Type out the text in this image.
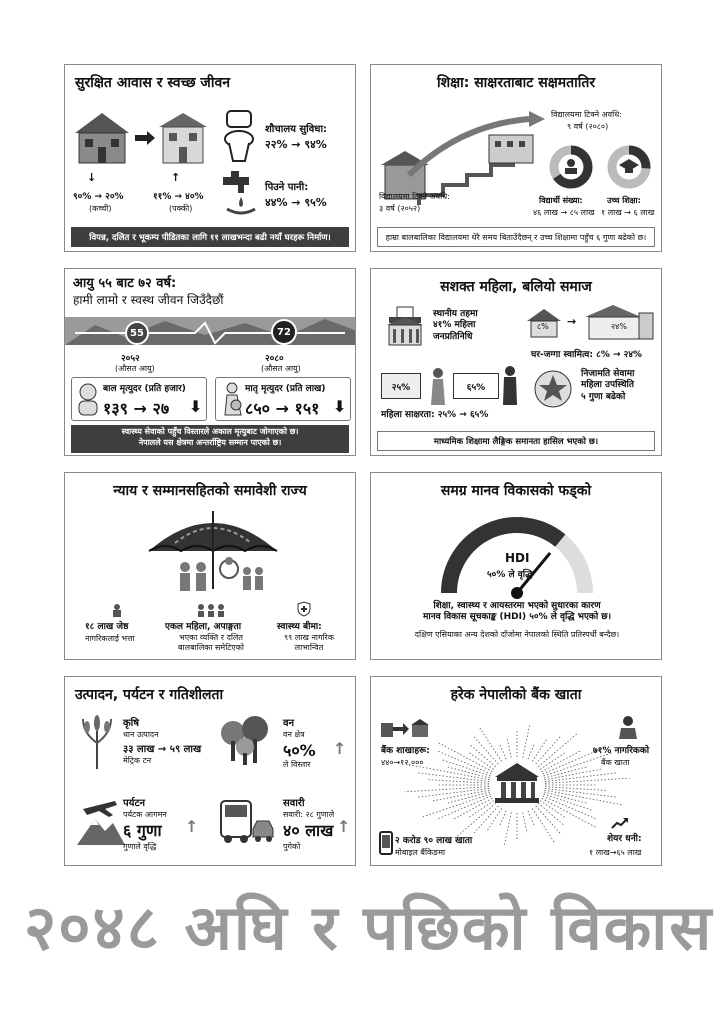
सुरक्षित आवास र स्वच्छ जीवन
↓
९०% → २०%
(कच्ची)
↑
११% → ४०%
(पक्की)
शौचालय सुविधा:
२२% → ९४%
पिउने पानी:
४४% → ९५%
विपन्न, दलित र भूकम्प पीडितका लागि ११ लाखभन्दा बढी नयाँ घरहरू निर्माण।
शिक्षा: साक्षरताबाट सक्षमतातिर
विद्यालयमा टिक्ने अवधि:
३ वर्ष (२०५२)
विद्यालयमा टिक्ने अवधि:
९ वर्ष (२०८०)
विद्यार्थी संख्या:
४६ लाख → ८५ लाख
उच्च शिक्षा:
१ लाख → ६ लाख
हाम्रा बालबालिका विद्यालयमा धेरै समय बिताउँदैछन् र उच्च शिक्षामा पहुँच ६ गुणा बढेको छ।
आयु ५५ बाट ७२ वर्ष:
हामी लामो र स्वस्थ जीवन जिउँदैछौं
55	72
२०५२
(औसत आयु)
२०८०
(औसत आयु)
बाल मृत्युदर (प्रति हजार)
१३९ → २७ ⬇
मातृ मृत्युदर (प्रति लाख)
८५० → १५१ ⬇
स्वास्थ्य सेवाको पहुँच विस्तारले अकाल मृत्युबाट जोगाएको छ।
नेपालले यस क्षेत्रमा अन्तर्राष्ट्रिय सम्मान पाएको छ।
सशक्त महिला, बलियो समाज
स्थानीय तहमा
४१% महिला
जनप्रतिनिधि
८% →	२४%
घर-जग्गा स्वामित्व: ८% → २४%
२५%	६५%
महिला साक्षरता: २५% → ६५%
निजामति सेवामा
महिला उपस्थिति
५ गुणा बढेको
माध्यमिक शिक्षामा लैङ्गिक समानता हासिल भएको छ।
न्याय र सम्मानसहितको समावेशी राज्य
१८ लाख जेष्ठ
नागरिकलाई भत्ता
एकल महिला, अपाङ्गता
भएका व्यक्ति र दलित
बालबालिका समेटिएको
स्वास्थ्य बीमा:
९९ लाख नागरिक
लाभान्वित
समग्र मानव विकासको फड्को
HDI
५०% ले वृद्धि
शिक्षा, स्वास्थ्य र आयस्तरमा भएको सुधारका कारण
मानव विकास सूचकाङ्क (HDI) ५०% ले वृद्धि भएको छ।
दक्षिण एसियाका अन्य देशको दाँजोमा नेपालको स्थिति प्रतिस्पर्धी बन्दैछ।
उत्पादन, पर्यटन र गतिशीलता
कृषि
धान उत्पादन
३३ लाख → ५९ लाख
मेट्रिक टन
वन
वन क्षेत्र
५०%
ले विस्तार
↑
पर्यटन
पर्यटक आगमन
६ गुणा
गुणाले वृद्धि
↑
सवारी
सवारी: २८ गुणाले
४० लाख
पुगेको
↑
हरेक नेपालीको बैंक खाता
बैंक शाखाहरू:
४४०→१२,०००
७१% नागरिकको
बैंक खाता
२ करोड ९० लाख खाता
मोबाइल बैंकिङमा
शेयर धनी:
१ लाख→६५ लाख
२०४८ अघि र पछिको विकास
